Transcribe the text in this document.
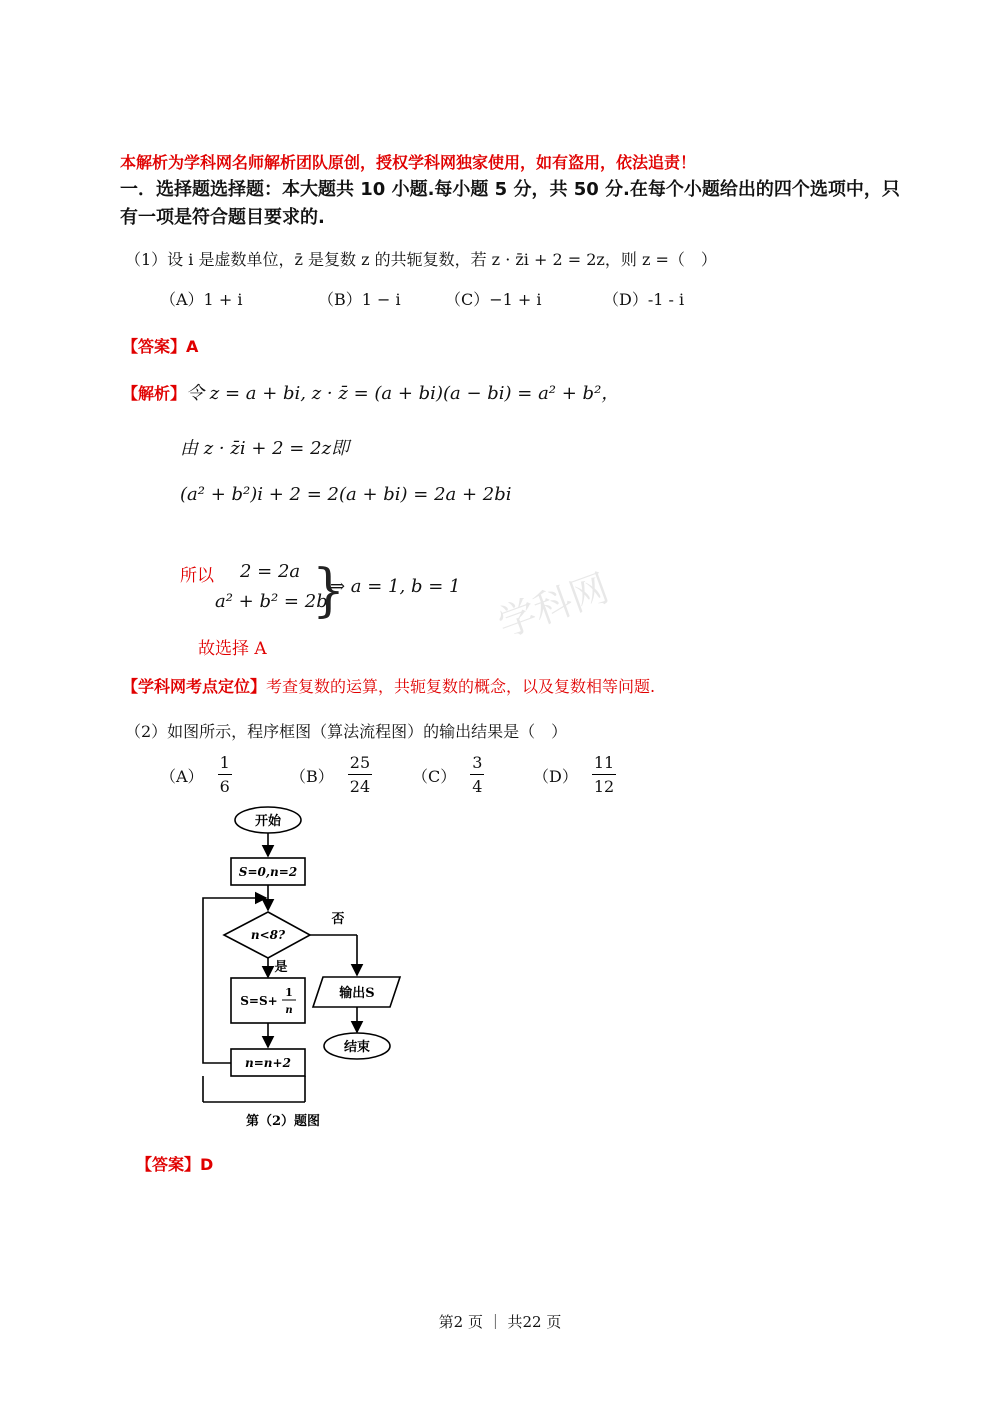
学科网
本解析为学科网名师解析团队原创，授权学科网独家使用，如有盗用，依法追责！
一．选择题选择题：本大题共 10 小题.每小题 5 分，共 50 分.在每个小题给出的四个选项中，只有一项是符合题目要求的.
（1）设 i 是虚数单位，z̄ 是复数 z 的共轭复数，若 z · z̄i + 2 = 2z，则 z =（　）
（A）1 + i	（B）1 − i	（C）−1 + i	（D）-1 - i
【答案】A
【解析】令 z = a + bi, z · z̄ = (a + bi)(a − bi) = a² + b²，
由 z · z̄i + 2 = 2z即
(a² + b²)i + 2 = 2(a + bi) = 2a + 2bi
所以 2 = 2a
a² + b² = 2b
}
⇒ a = 1, b = 1
故选择 A
【学科网考点定位】考查复数的运算，共轭复数的概念，以及复数相等问题.
（2）如图所示，程序框图（算法流程图）的输出结果是（　）
$(A) \frac{1}{6}$	$(B) \frac{25}{24} (C) \frac{3}{4}$	$(D) \frac{11}{12}$
开始
S=0,n=2
n<8?
否
是
S=S+
1
n
n=n+2
输出S
结束
第（2）题图
【答案】D
第2 页 ｜ 共22 页
